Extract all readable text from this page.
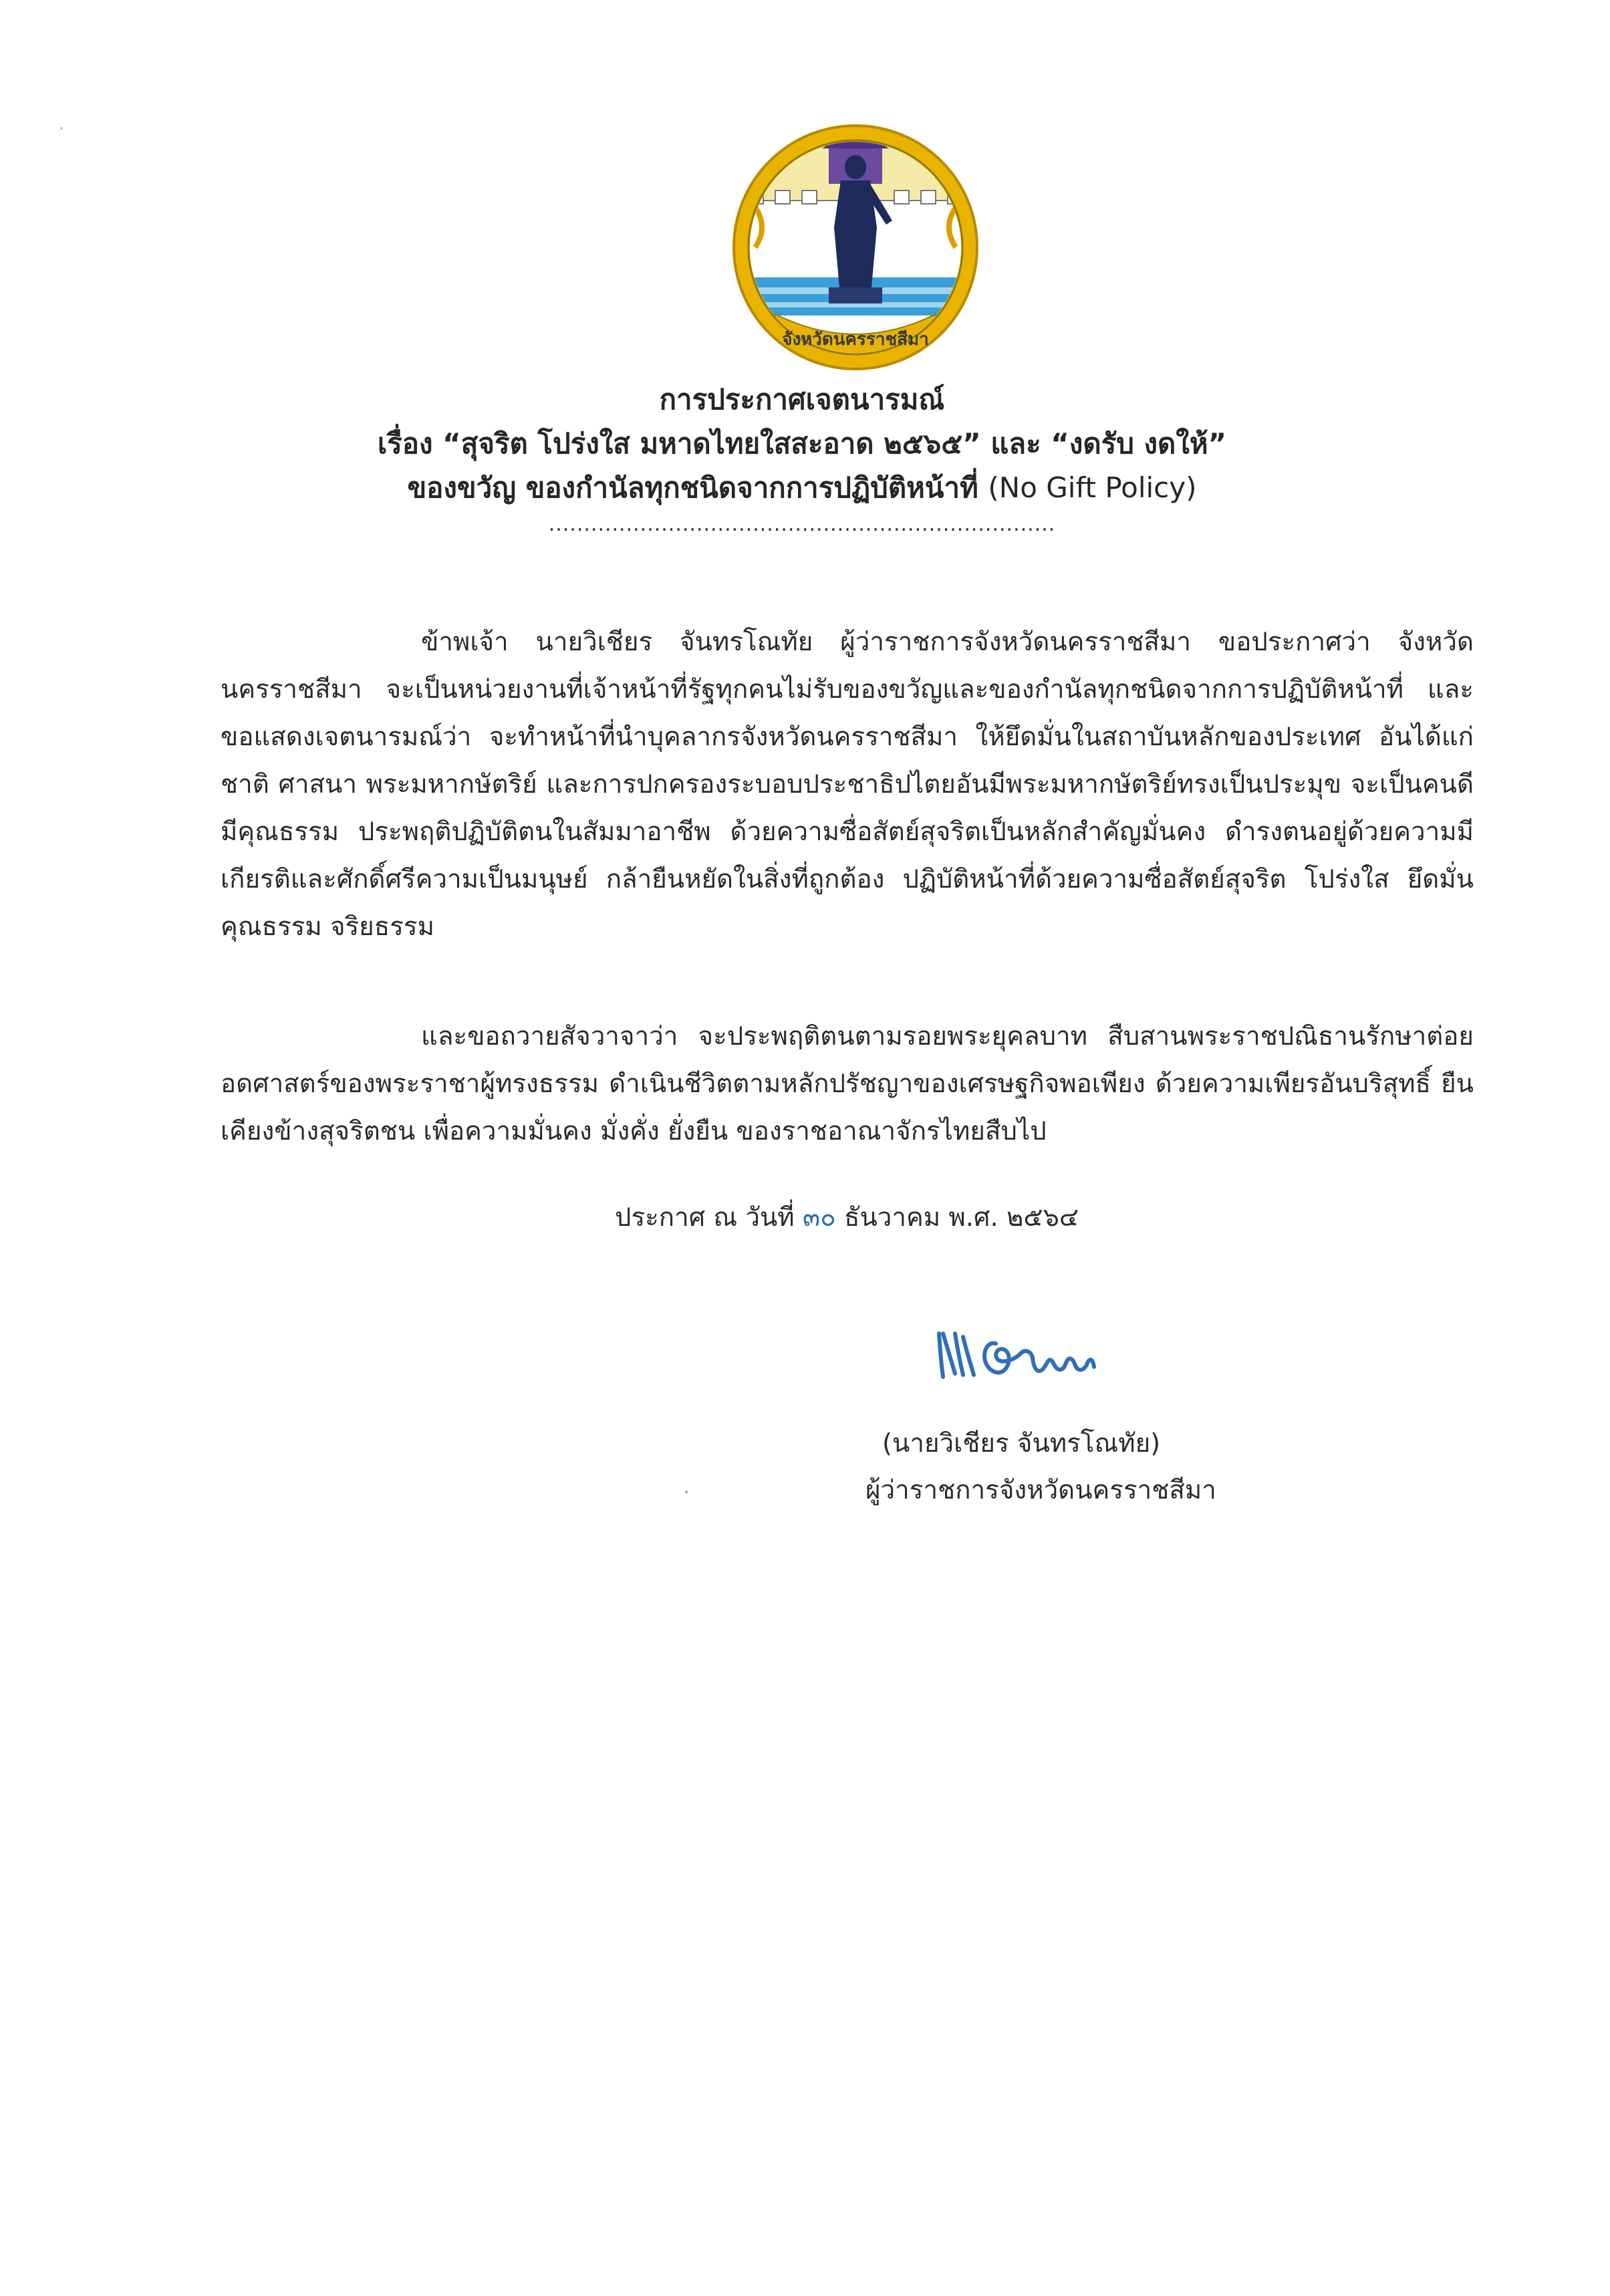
จังหวัดนครราชสีมา
การประกาศเจตนารมณ์
เรื่อง “สุจริต โปร่งใส มหาดไทยใสสะอาด ๒๕๖๕” และ “งดรับ งดให้”
ของขวัญ ของกำนัลทุกชนิดจากการปฏิบัติหน้าที่ (No Gift Policy)
........................................................................
ข้าพเจ้า นายวิเชียร จันทรโณทัย ผู้ว่าราชการจังหวัดนครราชสีมา ขอประกาศว่า จังหวัดนครราชสีมา จะเป็นหน่วยงานที่เจ้าหน้าที่รัฐทุกคนไม่รับของขวัญและของกำนัลทุกชนิดจากการปฏิบัติหน้าที่ และขอแสดงเจตนารมณ์ว่า จะทำหน้าที่นำบุคลากรจังหวัดนครราชสีมา ให้ยึดมั่นในสถาบันหลักของประเทศ อันได้แก่ ชาติ ศาสนา พระมหากษัตริย์ และการปกครองระบอบประชาธิปไตยอันมีพระมหากษัตริย์ทรงเป็นประมุข จะเป็นคนดี มีคุณธรรม ประพฤติปฏิบัติตนในสัมมาอาชีพ ด้วยความซื่อสัตย์สุจริตเป็นหลักสำคัญมั่นคง ดำรงตนอยู่ด้วยความมีเกียรติและศักดิ์ศรีความเป็นมนุษย์ กล้ายืนหยัดในสิ่งที่ถูกต้อง ปฏิบัติหน้าที่ด้วยความซื่อสัตย์สุจริต โปร่งใส ยึดมั่นคุณธรรม จริยธรรม
และขอถวายสัจวาจาว่า จะประพฤติตนตามรอยพระยุคลบาท สืบสานพระราชปณิธานรักษาต่อยอดศาสตร์ของพระราชาผู้ทรงธรรม ดำเนินชีวิตตามหลักปรัชญาของเศรษฐกิจพอเพียง ด้วยความเพียรอันบริสุทธิ์ ยืนเคียงข้างสุจริตชน เพื่อความมั่นคง มั่งคั่ง ยั่งยืน ของราชอาณาจักรไทยสืบไป
ประกาศ ณ วันที่ ๓๐ ธันวาคม พ.ศ. ๒๕๖๔
(นายวิเชียร จันทรโณทัย)
ผู้ว่าราชการจังหวัดนครราชสีมา
